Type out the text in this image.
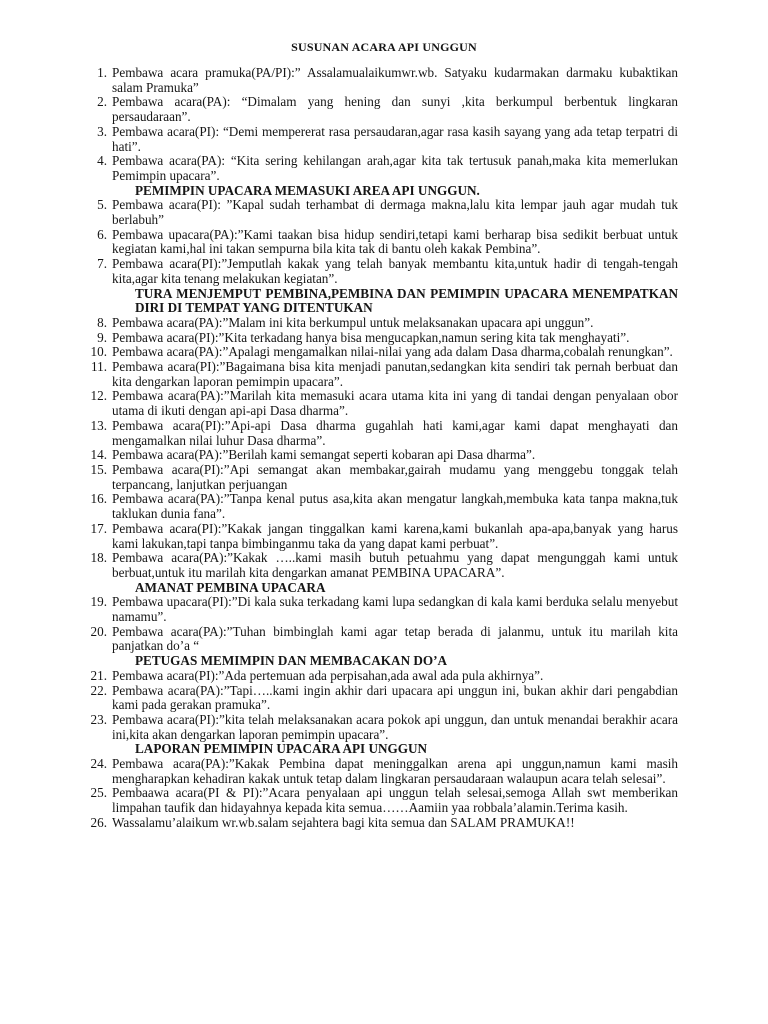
SUSUNAN ACARA API UNGGUN
1. Pembawa acara pramuka(PA/PI):” Assalamualaikumwr.wb. Satyaku kudarmakan darmaku kubaktikan salam Pramuka”
2. Pembawa acara(PA): “Dimalam yang hening dan sunyi ,kita berkumpul berbentuk lingkaran persaudaraan”.
3. Pembawa acara(PI): “Demi mempererat rasa persaudaran,agar rasa kasih sayang yang ada tetap terpatri di hati”.
4. Pembawa acara(PA): “Kita sering kehilangan arah,agar kita tak tertusuk panah,maka kita memerlukan Pemimpin upacara”.
PEMIMPIN UPACARA MEMASUKI AREA API UNGGUN.
5. Pembawa acara(PI): ”Kapal sudah terhambat di dermaga makna,lalu kita lempar jauh agar mudah tuk berlabuh”
6. Pembawa upacara(PA):”Kami taakan bisa hidup sendiri,tetapi kami berharap bisa sedikit berbuat untuk kegiatan kami,hal ini takan sempurna bila kita tak di bantu oleh kakak Pembina”.
7. Pembawa acara(PI):”Jemputlah kakak yang telah banyak membantu kita,untuk hadir di tengah-tengah kita,agar kita tenang melakukan kegiatan”.
TURA MENJEMPUT PEMBINA,PEMBINA DAN PEMIMPIN UPACARA MENEMPATKAN DIRI DI TEMPAT YANG DITENTUKAN
8. Pembawa acara(PA):”Malam ini kita berkumpul untuk melaksanakan upacara api unggun”.
9. Pembawa acara(PI):”Kita terkadang hanya bisa mengucapkan,namun sering kita tak menghayati”.
10. Pembawa acara(PA):”Apalagi mengamalkan nilai-nilai yang ada dalam Dasa dharma,cobalah renungkan”.
11. Pembawa acara(PI):”Bagaimana bisa kita menjadi panutan,sedangkan kita sendiri tak pernah berbuat dan kita dengarkan laporan pemimpin upacara”.
12. Pembawa acara(PA):”Marilah kita memasuki acara utama kita ini yang di tandai dengan penyalaan obor utama di ikuti dengan api-api Dasa dharma”.
13. Pembawa acara(PI):”Api-api Dasa dharma gugahlah hati kami,agar kami dapat menghayati dan mengamalkan nilai luhur Dasa dharma”.
14. Pembawa acara(PA):”Berilah kami semangat seperti kobaran api Dasa dharma”.
15. Pembawa acara(PI):”Api semangat akan membakar,gairah mudamu yang menggebu tonggak telah terpancang, lanjutkan perjuangan
16. Pembawa acara(PA):”Tanpa kenal putus asa,kita akan mengatur langkah,membuka kata tanpa makna,tuk taklukan dunia fana”.
17. Pembawa acara(PI):”Kakak jangan tinggalkan kami karena,kami bukanlah apa-apa,banyak yang harus kami lakukan,tapi tanpa bimbinganmu taka da yang dapat kami perbuat”.
18. Pembawa acara(PA):”Kakak …..kami masih butuh petuahmu yang dapat mengunggah kami untuk berbuat,untuk itu marilah kita dengarkan amanat PEMBINA UPACARA”.
AMANAT PEMBINA UPACARA
19. Pembawa upacara(PI):”Di kala suka terkadang kami lupa sedangkan di kala kami berduka selalu menyebut namamu”.
20. Pembawa acara(PA):”Tuhan bimbinglah kami agar tetap berada di jalanmu, untuk itu marilah kita panjatkan do’a “
PETUGAS MEMIMPIN DAN MEMBACAKAN DO’A
21. Pembawa acara(PI):”Ada pertemuan ada perpisahan,ada awal ada pula akhirnya”.
22. Pembawa acara(PA):”Tapi…..kami ingin akhir dari upacara api unggun ini, bukan akhir dari pengabdian kami pada gerakan pramuka”.
23. Pembawa acara(PI):”kita telah melaksanakan acara pokok api unggun, dan untuk menandai berakhir acara ini,kita akan dengarkan laporan pemimpin upacara”.
LAPORAN PEMIMPIN UPACARA API UNGGUN
24. Pembawa acara(PA):”Kakak Pembina dapat meninggalkan arena api unggun,namun kami masih mengharapkan kehadiran kakak untuk tetap dalam lingkaran persaudaraan walaupun acara telah selesai”.
25. Pembaawa acara(PI & PI):”Acara penyalaan api unggun telah selesai,semoga Allah swt memberikan limpahan taufik dan hidayahnya kepada kita semua……Aamiin yaa robbala’alamin.Terima kasih.
26. Wassalamu’alaikum wr.wb.salam sejahtera bagi kita semua dan SALAM PRAMUKA!!
